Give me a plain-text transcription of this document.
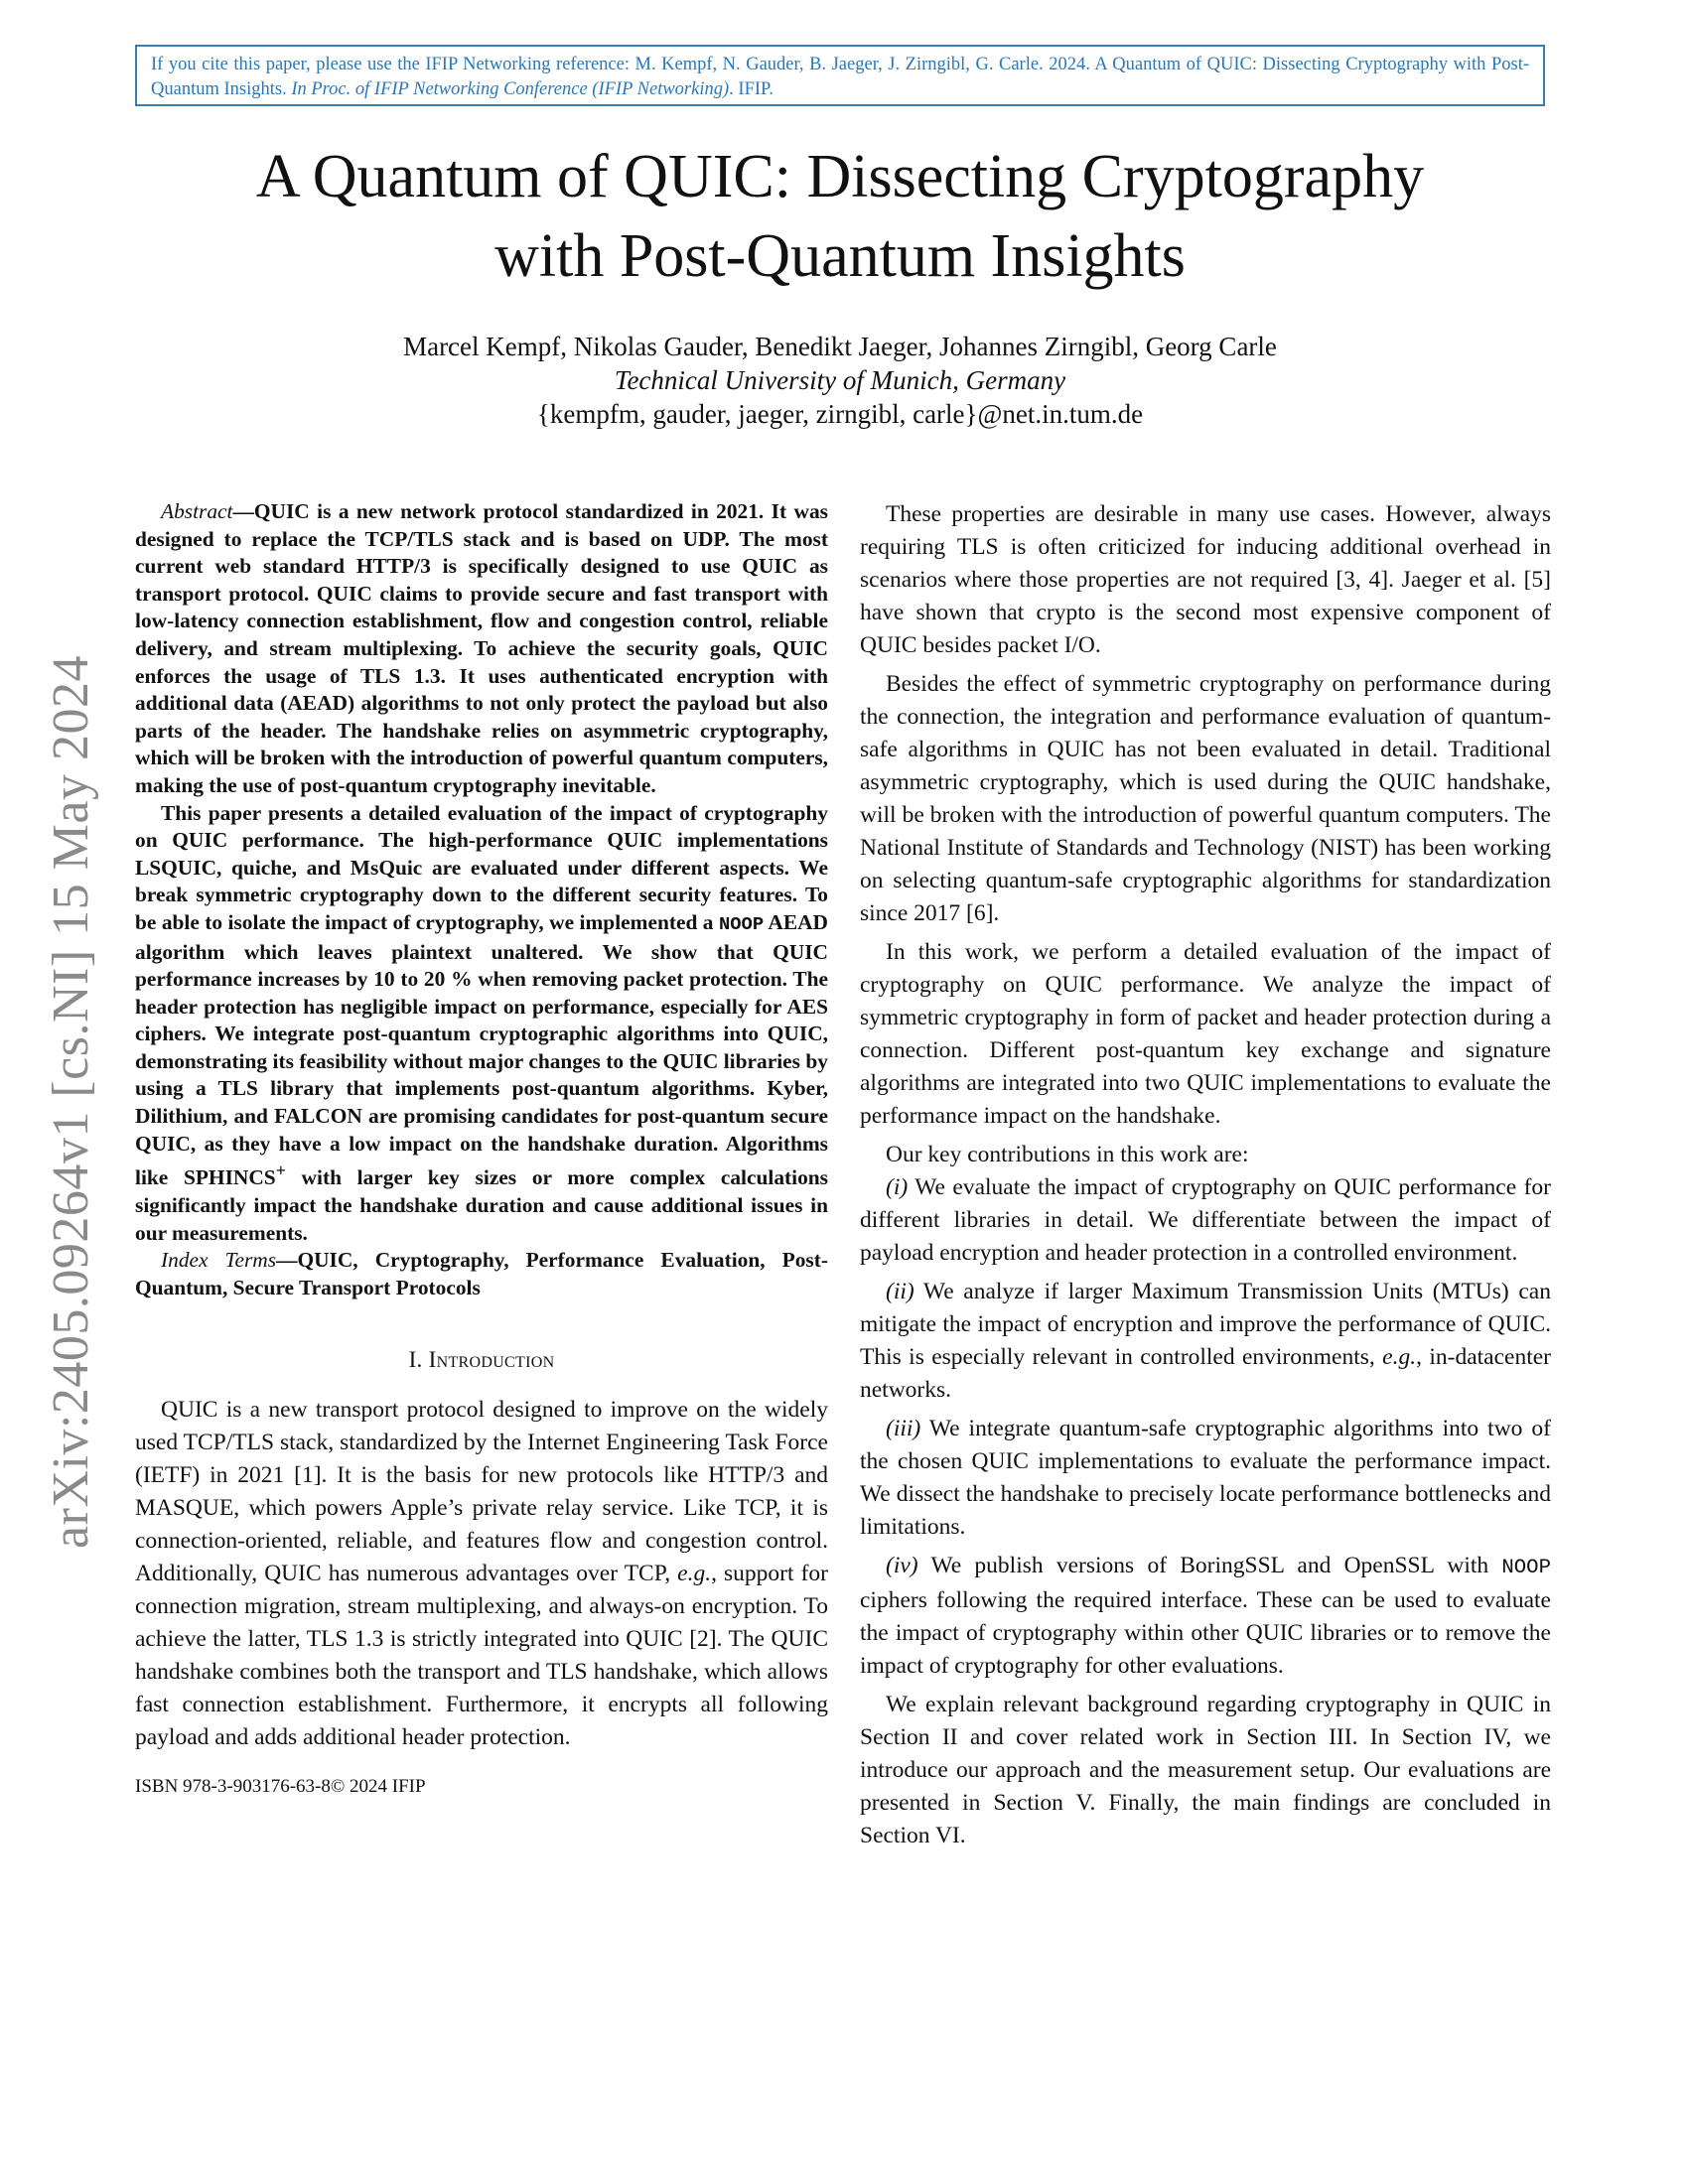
If you cite this paper, please use the IFIP Networking reference: M. Kempf, N. Gauder, B. Jaeger, J. Zirngibl, G. Carle. 2024. A Quantum of QUIC: Dissecting Cryptography with Post-Quantum Insights. In Proc. of IFIP Networking Conference (IFIP Networking). IFIP.
arXiv:2405.09264v1 [cs.NI] 15 May 2024
A Quantum of QUIC: Dissecting Cryptography
with Post-Quantum Insights
Marcel Kempf, Nikolas Gauder, Benedikt Jaeger, Johannes Zirngibl, Georg Carle
Technical University of Munich, Germany
{kempfm, gauder, jaeger, zirngibl, carle}@net.in.tum.de

Abstract—QUIC is a new network protocol standardized in 2021. It was designed to replace the TCP/TLS stack and is based on UDP. The most current web standard HTTP/3 is specifically designed to use QUIC as transport protocol. QUIC claims to provide secure and fast transport with low-latency connection establishment, flow and congestion control, reliable delivery, and stream multiplexing. To achieve the security goals, QUIC enforces the usage of TLS 1.3. It uses authenticated encryption with additional data (AEAD) algorithms to not only protect the payload but also parts of the header. The handshake relies on asymmetric cryptography, which will be broken with the introduction of powerful quantum computers, making the use of post-quantum cryptography inevitable.

This paper presents a detailed evaluation of the impact of cryptography on QUIC performance. The high-performance QUIC implementations LSQUIC, quiche, and MsQuic are evaluated under different aspects. We break symmetric cryptography down to the different security features. To be able to isolate the impact of cryptography, we implemented a NOOP AEAD algorithm which leaves plaintext unaltered. We show that QUIC performance increases by 10 to 20 % when removing packet protection. The header protection has negligible impact on performance, especially for AES ciphers. We integrate post-quantum cryptographic algorithms into QUIC, demonstrating its feasibility without major changes to the QUIC libraries by using a TLS library that implements post-quantum algorithms. Kyber, Dilithium, and FALCON are promising candidates for post-quantum secure QUIC, as they have a low impact on the handshake duration. Algorithms like SPHINCS+ with larger key sizes or more complex calculations significantly impact the handshake duration and cause additional issues in our measurements.

Index Terms—QUIC, Cryptography, Performance Evaluation, Post-Quantum, Secure Transport Protocols

I. Introduction

QUIC is a new transport protocol designed to improve on the widely used TCP/TLS stack, standardized by the Internet Engineering Task Force (IETF) in 2021 [1]. It is the basis for new protocols like HTTP/3 and MASQUE, which powers Apple’s private relay service. Like TCP, it is connection-oriented, reliable, and features flow and congestion control. Additionally, QUIC has numerous advantages over TCP, e.g., support for connection migration, stream multiplexing, and always-on encryption. To achieve the latter, TLS 1.3 is strictly integrated into QUIC [2]. The QUIC handshake combines both the transport and TLS handshake, which allows fast connection establishment. Furthermore, it encrypts all following payload and adds additional header protection.

ISBN 978-3-903176-63-8© 2024 IFIP

These properties are desirable in many use cases. However, always requiring TLS is often criticized for inducing additional overhead in scenarios where those properties are not required [3, 4]. Jaeger et al. [5] have shown that crypto is the second most expensive component of QUIC besides packet I/O.

Besides the effect of symmetric cryptography on performance during the connection, the integration and performance evaluation of quantum-safe algorithms in QUIC has not been evaluated in detail. Traditional asymmetric cryptography, which is used during the QUIC handshake, will be broken with the introduction of powerful quantum computers. The National Institute of Standards and Technology (NIST) has been working on selecting quantum-safe cryptographic algorithms for standardization since 2017 [6].

In this work, we perform a detailed evaluation of the impact of cryptography on QUIC performance. We analyze the impact of symmetric cryptography in form of packet and header protection during a connection. Different post-quantum key exchange and signature algorithms are integrated into two QUIC implementations to evaluate the performance impact on the handshake.

Our key contributions in this work are:

(i) We evaluate the impact of cryptography on QUIC performance for different libraries in detail. We differentiate between the impact of payload encryption and header protection in a controlled environment.

(ii) We analyze if larger Maximum Transmission Units (MTUs) can mitigate the impact of encryption and improve the performance of QUIC. This is especially relevant in controlled environments, e.g., in-datacenter networks.

(iii) We integrate quantum-safe cryptographic algorithms into two of the chosen QUIC implementations to evaluate the performance impact. We dissect the handshake to precisely locate performance bottlenecks and limitations.

(iv) We publish versions of BoringSSL and OpenSSL with NOOP ciphers following the required interface. These can be used to evaluate the impact of cryptography within other QUIC libraries or to remove the impact of cryptography for other evaluations.

We explain relevant background regarding cryptography in QUIC in Section II and cover related work in Section III. In Section IV, we introduce our approach and the measurement setup. Our evaluations are presented in Section V. Finally, the main findings are concluded in Section VI.
